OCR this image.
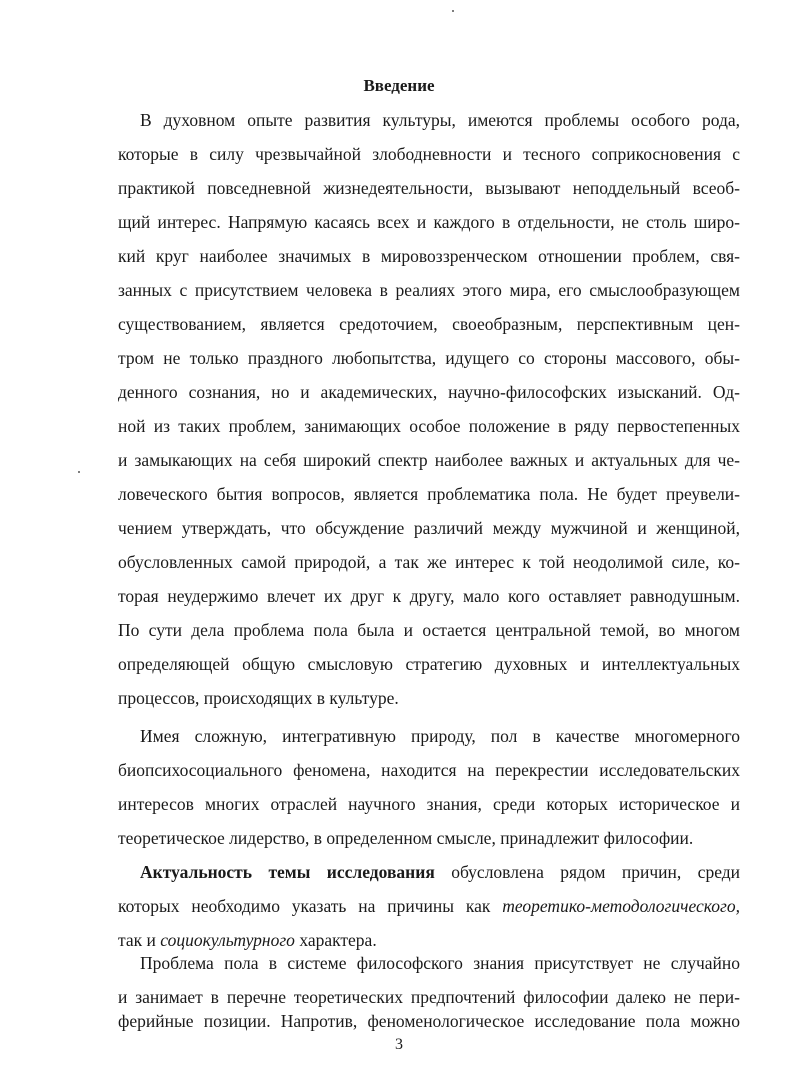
Введение
В духовном опыте развития культуры, имеются проблемы особого рода,
которые в силу чрезвычайной злободневности и тесного соприкосновения с
практикой повседневной жизнедеятельности, вызывают неподдельный всеоб-
щий интерес. Напрямую касаясь всех и каждого в отдельности, не столь широ-
кий круг наиболее значимых в мировоззренческом отношении проблем, свя-
занных с присутствием человека в реалиях этого мира, его смыслообразующем
существованием, является средоточием, своеобразным, перспективным цен-
тром не только праздного любопытства, идущего со стороны массового, обы-
денного сознания, но и академических, научно-философских изысканий. Од-
ной из таких проблем, занимающих особое положение в ряду первостепенных
и замыкающих на себя широкий спектр наиболее важных и актуальных для че-
ловеческого бытия вопросов, является проблематика пола. Не будет преувели-
чением утверждать, что обсуждение различий между мужчиной и женщиной,
обусловленных самой природой, а так же интерес к той неодолимой силе, ко-
торая неудержимо влечет их друг к другу, мало кого оставляет равнодушным.
По сути дела проблема пола была и остается центральной темой, во многом
определяющей общую смысловую стратегию духовных и интеллектуальных
процессов, происходящих в культуре.
Имея сложную, интегративную природу, пол в качестве многомерного
биопсихосоциального феномена, находится на перекрестии исследовательских
интересов многих отраслей научного знания, среди которых историческое и
теоретическое лидерство, в определенном смысле, принадлежит философии.
Актуальность темы исследования обусловлена рядом причин, среди
которых необходимо указать на причины как теоретико-методологического,
так и социокультурного характера.
Проблема пола в системе философского знания присутствует не случайно
и занимает в перечне теоретических предпочтений философии далеко не пери-
3
ферийные позиции. Напротив, феноменологическое исследование пола можно
